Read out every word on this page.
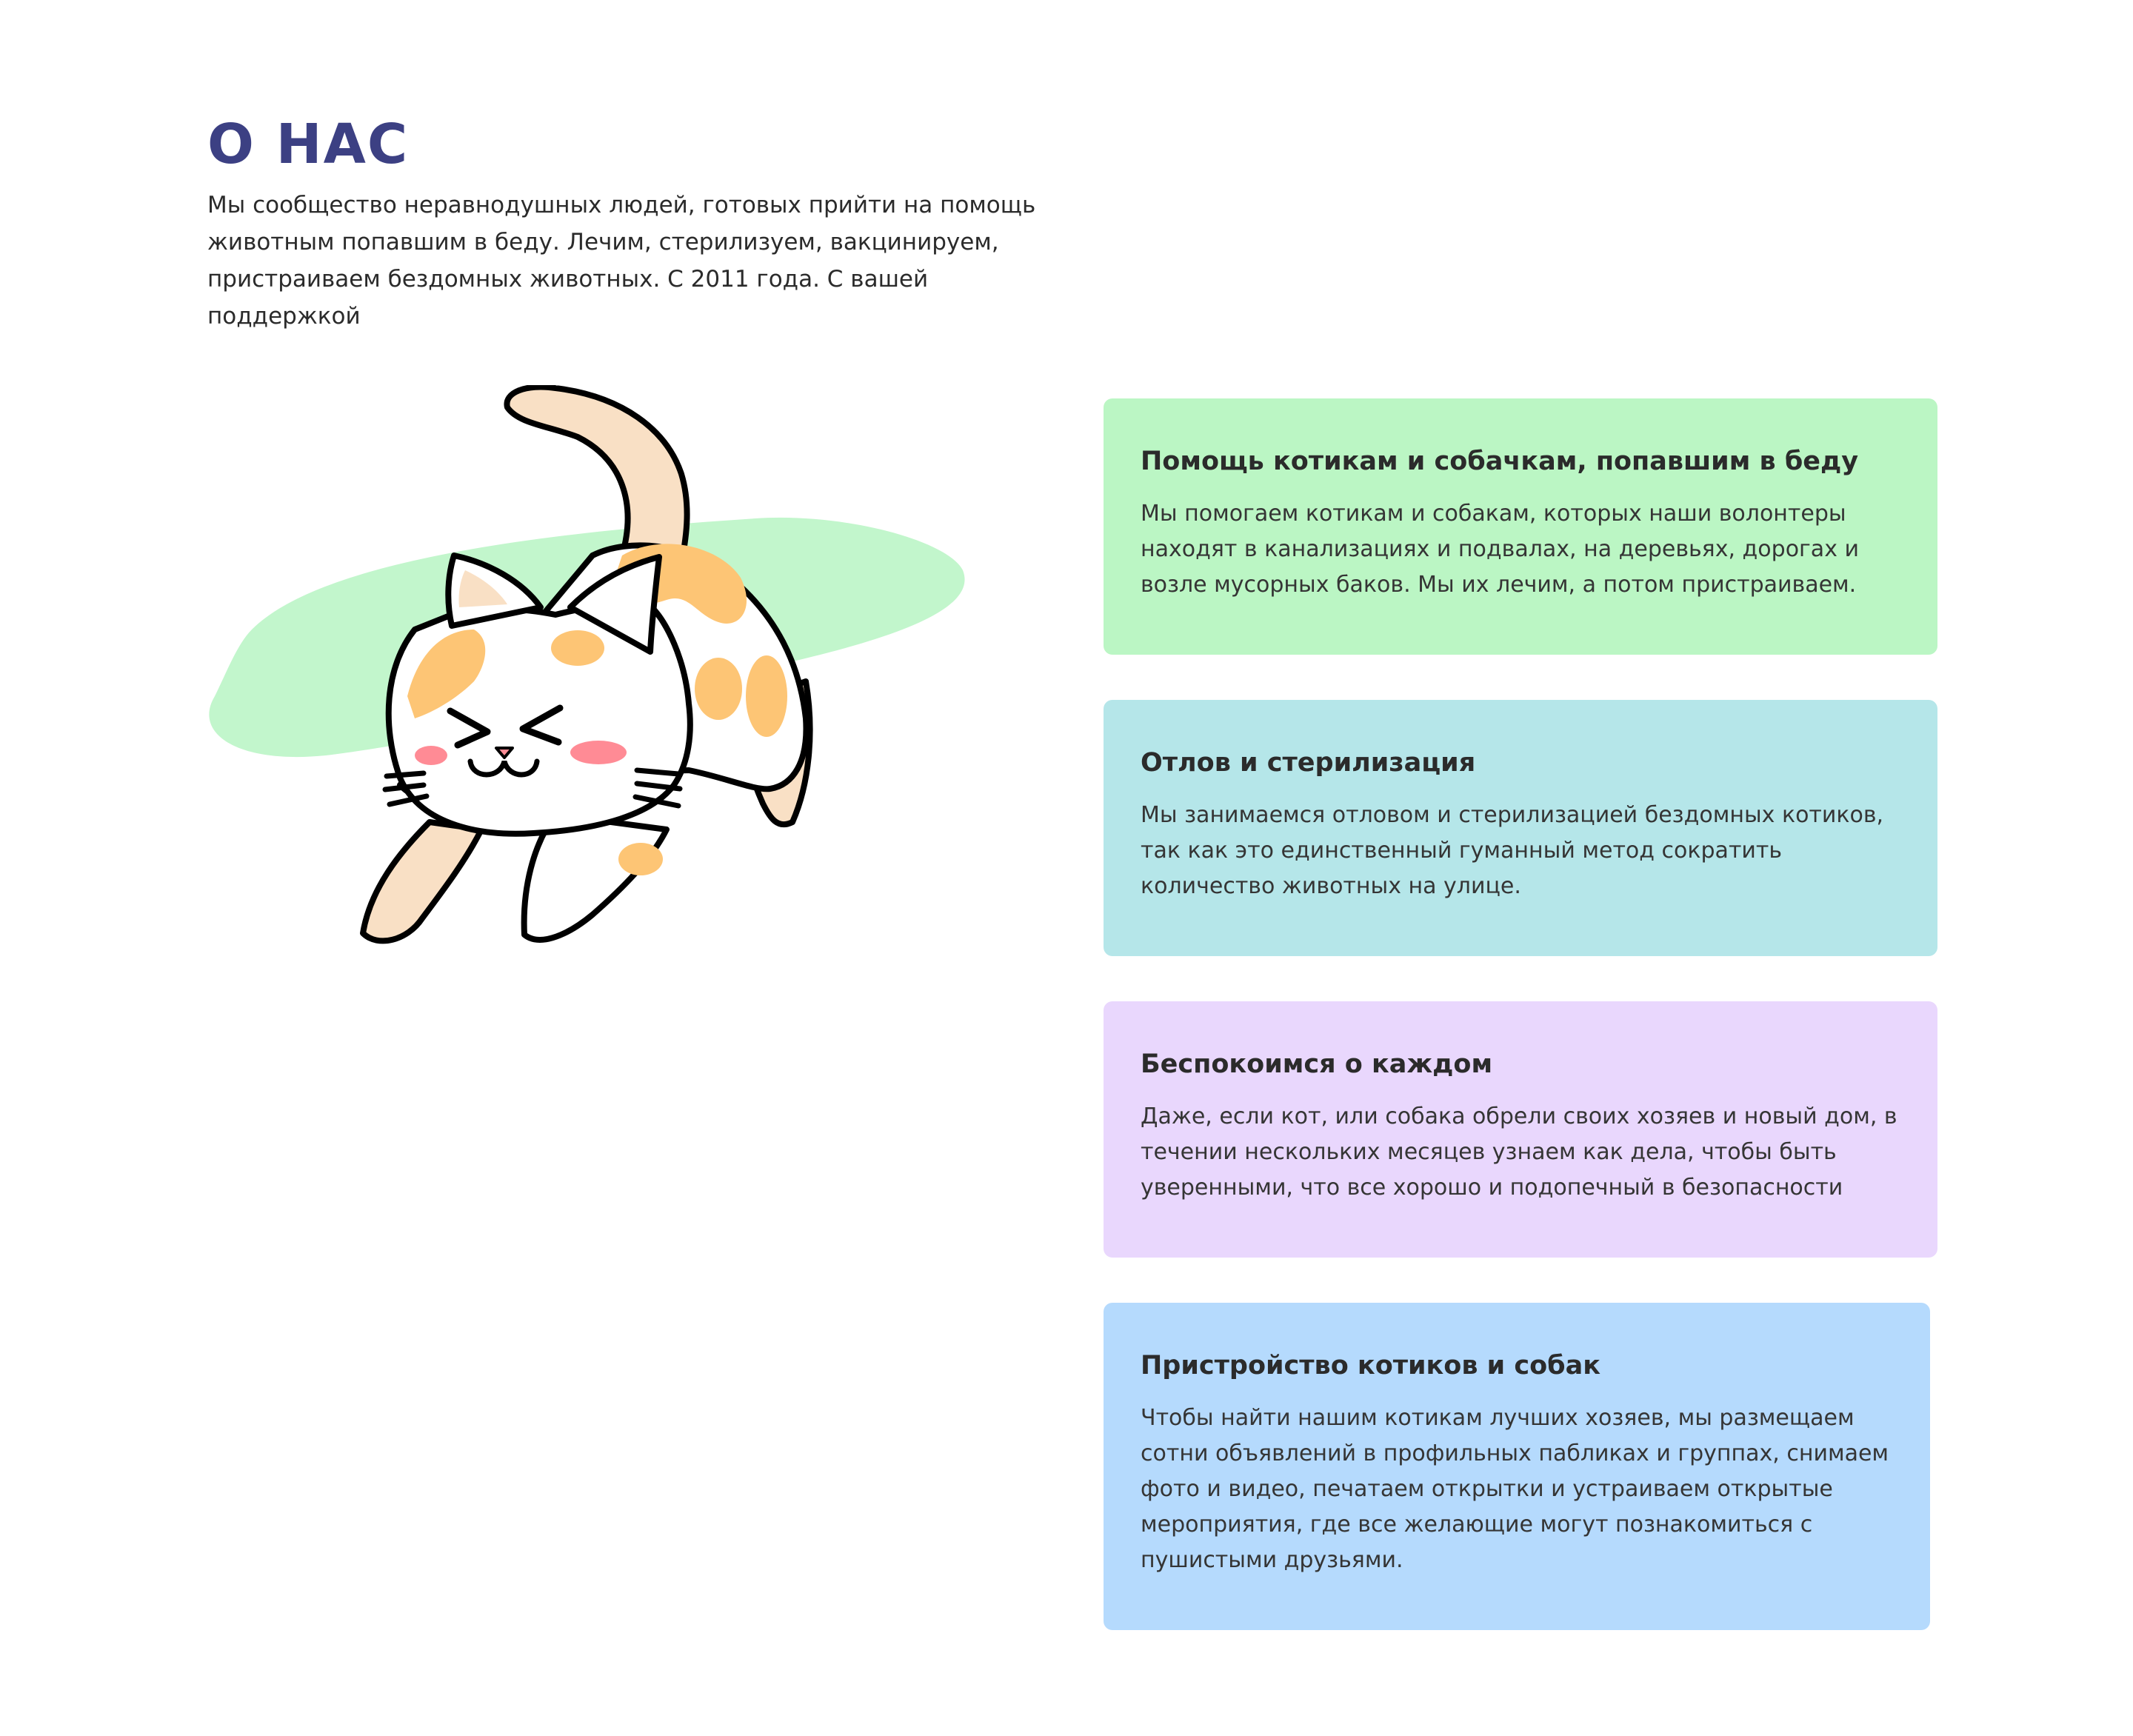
О НАС

Мы сообщество неравнодушных людей, готовых прийти на помощь животным попавшим в беду. Лечим, стерилизуем, вакцинируем, пристраиваем бездомных животных. С 2011 года. С вашей поддержкой

Помощь котикам и собачкам, попавшим в беду

Мы помогаем котикам и собакам, которых наши волонтеры находят в канализациях и подвалах, на деревьях, дорогах и возле мусорных баков. Мы их лечим, а потом пристраиваем.

Отлов и стерилизация

Мы занимаемся отловом и стерилизацией бездомных котиков, так как это единственный гуманный метод сократить количество животных на улице.

Беспокоимся о каждом

Даже, если кот, или собака обрели своих хозяев и новый дом, в течении нескольких месяцев узнаем как дела, чтобы быть уверенными, что все хорошо и подопечный в безопасности

Пристройство котиков и собак

Чтобы найти нашим котикам лучших хозяев, мы размещаем сотни объявлений в профильных пабликах и группах, снимаем фото и видео, печатаем открытки и устраиваем открытые мероприятия, где все желающие могут познакомиться с пушистыми друзьями.
